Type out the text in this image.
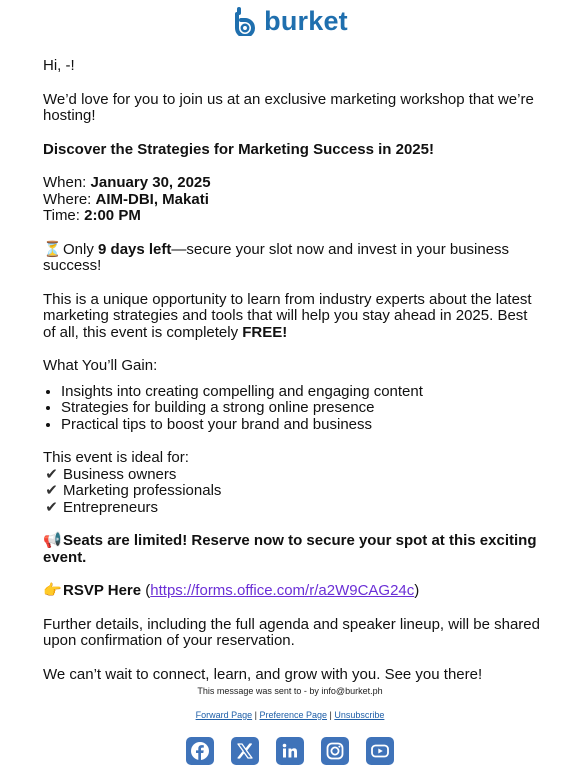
burket
Hi, -!
We’d love for you to join us at an exclusive marketing workshop that we’re hosting!
Discover the Strategies for Marketing Success in 2025!
When: January 30, 2025
Where: AIM-DBI, Makati
Time: 2:00 PM
⏳Only 9 days left—secure your slot now and invest in your business success!
This is a unique opportunity to learn from industry experts about the latest marketing strategies and tools that will help you stay ahead in 2025. Best of all, this event is completely FREE!
What You’ll Gain:
• Insights into creating compelling and engaging content
• Strategies for building a strong online presence
• Practical tips to boost your brand and business
This event is ideal for:
✔ Business owners
✔ Marketing professionals
✔ Entrepreneurs
📢Seats are limited! Reserve now to secure your spot at this exciting event.
👉RSVP Here (https://forms.office.com/r/a2W9CAG24c)
Further details, including the full agenda and speaker lineup, will be shared upon confirmation of your reservation.
We can’t wait to connect, learn, and grow with you. See you there!
This message was sent to - by info@burket.ph
Forward Page | Preference Page | Unsubscribe
